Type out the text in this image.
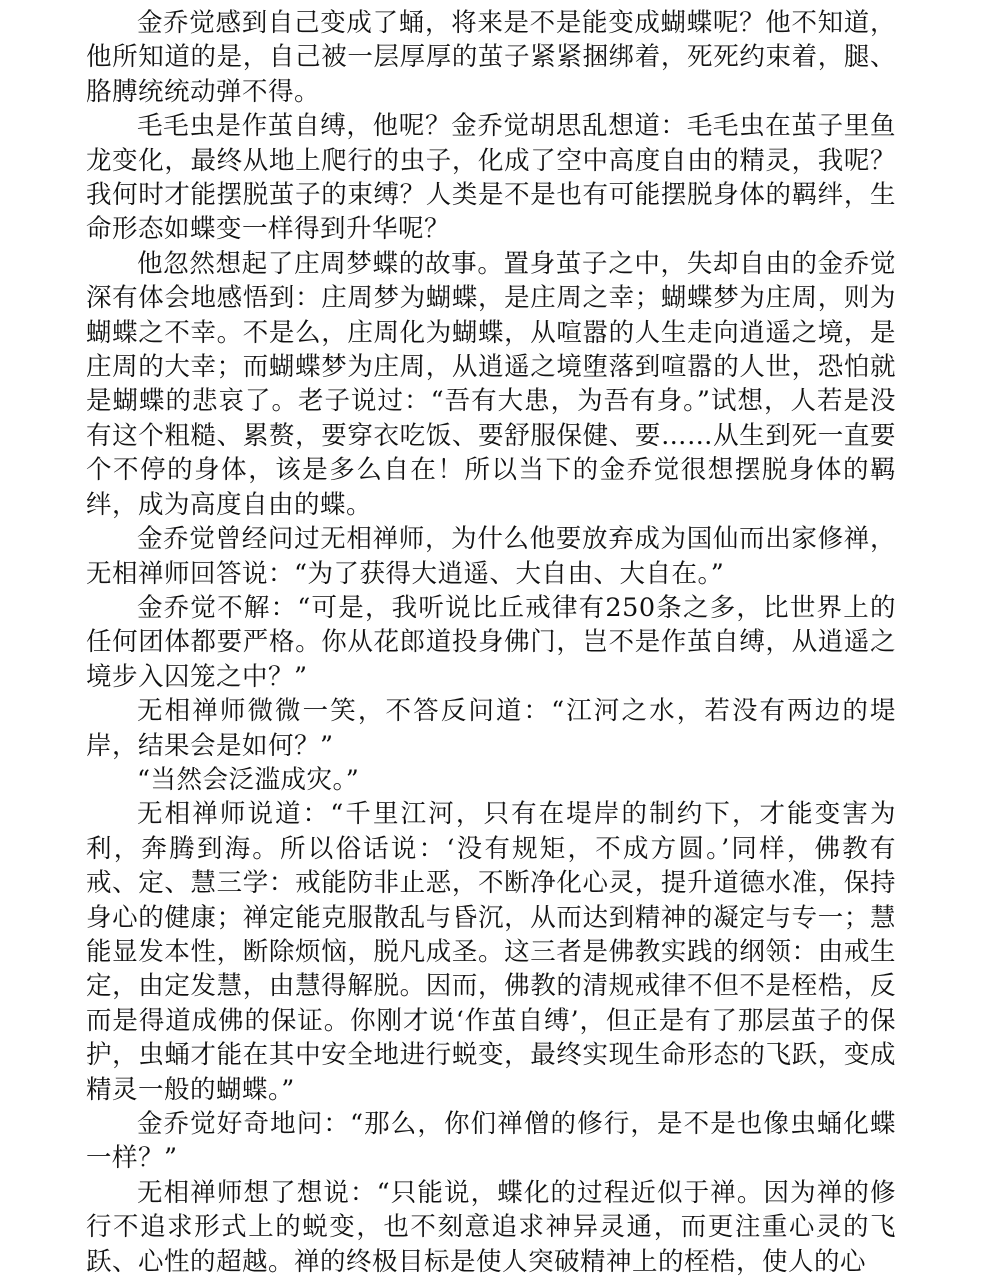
金乔觉感到自己变成了蛹，将来是不是能变成蝴蝶呢？他不知道，他所知道的是，自己被一层厚厚的茧子紧紧捆绑着，死死约束着，腿、胳膊统统动弹不得。

毛毛虫是作茧自缚，他呢？金乔觉胡思乱想道：毛毛虫在茧子里鱼龙变化，最终从地上爬行的虫子，化成了空中高度自由的精灵，我呢？我何时才能摆脱茧子的束缚？人类是不是也有可能摆脱身体的羁绊，生命形态如蝶变一样得到升华呢？

他忽然想起了庄周梦蝶的故事。置身茧子之中，失却自由的金乔觉深有体会地感悟到：庄周梦为蝴蝶，是庄周之幸；蝴蝶梦为庄周，则为蝴蝶之不幸。不是么，庄周化为蝴蝶，从喧嚣的人生走向逍遥之境，是庄周的大幸；而蝴蝶梦为庄周，从逍遥之境堕落到喧嚣的人世，恐怕就是蝴蝶的悲哀了。老子说过：“吾有大患，为吾有身。”试想，人若是没有这个粗糙、累赘，要穿衣吃饭、要舒服保健、要……从生到死一直要个不停的身体，该是多么自在！所以当下的金乔觉很想摆脱身体的羁绊，成为高度自由的蝶。

金乔觉曾经问过无相禅师，为什么他要放弃成为国仙而出家修禅，无相禅师回答说：“为了获得大逍遥、大自由、大自在。”

金乔觉不解：“可是，我听说比丘戒律有250条之多，比世界上的任何团体都要严格。你从花郎道投身佛门，岂不是作茧自缚，从逍遥之境步入囚笼之中？”

无相禅师微微一笑，不答反问道：“江河之水，若没有两边的堤岸，结果会是如何？”

“当然会泛滥成灾。”

无相禅师说道：“千里江河，只有在堤岸的制约下，才能变害为利，奔腾到海。所以俗话说：‘没有规矩，不成方圆。’同样，佛教有戒、定、慧三学：戒能防非止恶，不断净化心灵，提升道德水准，保持身心的健康；禅定能克服散乱与昏沉，从而达到精神的凝定与专一；慧能显发本性，断除烦恼，脱凡成圣。这三者是佛教实践的纲领：由戒生定，由定发慧，由慧得解脱。因而，佛教的清规戒律不但不是桎梏，反而是得道成佛的保证。你刚才说‘作茧自缚’，但正是有了那层茧子的保护，虫蛹才能在其中安全地进行蜕变，最终实现生命形态的飞跃，变成精灵一般的蝴蝶。”

金乔觉好奇地问：“那么，你们禅僧的修行，是不是也像虫蛹化蝶一样？”

无相禅师想了想说：“只能说，蝶化的过程近似于禅。因为禅的修行不追求形式上的蜕变，也不刻意追求神异灵通，而更注重心灵的飞跃、心性的超越。禅的终极目标是使人突破精神上的桎梏，使人的心
